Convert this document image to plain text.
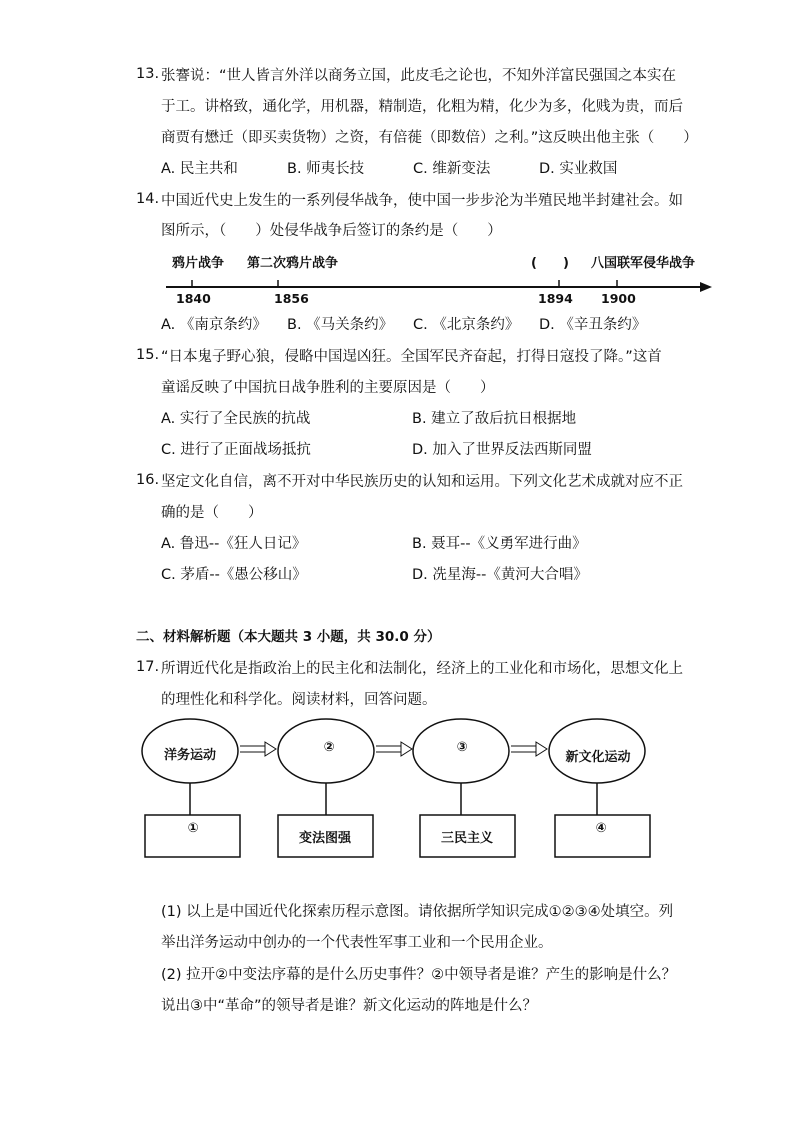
13. 张謇说：“世人皆言外洋以商务立国，此皮毛之论也，不知外洋富民强国之本实在
于工。讲格致，通化学，用机器，精制造，化粗为精，化少为多，化贱为贵，而后
商贾有懋迁（即买卖货物）之资，有倍蓰（即数倍）之利。”这反映出他主张（　　）
A. 民主共和	B. 师夷长技	C. 维新变法	D. 实业救国
14. 中国近代史上发生的一系列侵华战争，使中国一步步沦为半殖民地半封建社会。如
图所示，（　　）处侵华战争后签订的条约是（　　）
鸦片战争 第二次鸦片战争	(　　) 八国联军侵华战争
1840	1856	1894 1900
洋务运动
②	③
新文化运动
①
变法图强	三民主义
④
A. 《南京条约》 B. 《马关条约》 C. 《北京条约》 D. 《辛丑条约》
15. “日本鬼子野心狼，侵略中国逞凶狂。全国军民齐奋起，打得日寇投了降。”这首
童谣反映了中国抗日战争胜利的主要原因是（　　）
A. 实行了全民族的抗战	B. 建立了敌后抗日根据地
C. 进行了正面战场抵抗	D. 加入了世界反法西斯同盟
16. 坚定文化自信，离不开对中华民族历史的认知和运用。下列文化艺术成就对应不正
确的是（　　）
A. 鲁迅--《狂人日记》	B. 聂耳--《义勇军进行曲》
C. 茅盾--《愚公移山》	D. 冼星海--《黄河大合唱》
二、材料解析题（本大题共 3 小题，共 30.0 分）
17. 所谓近代化是指政治上的民主化和法制化，经济上的工业化和市场化，思想文化上
的理性化和科学化。阅读材料，回答问题。
(1) 以上是中国近代化探索历程示意图。请依据所学知识完成①②③④处填空。列
举出洋务运动中创办的一个代表性军事工业和一个民用企业。
(2) 拉开②中变法序幕的是什么历史事件？②中领导者是谁？产生的影响是什么？
说出③中“革命”的领导者是谁？新文化运动的阵地是什么？
